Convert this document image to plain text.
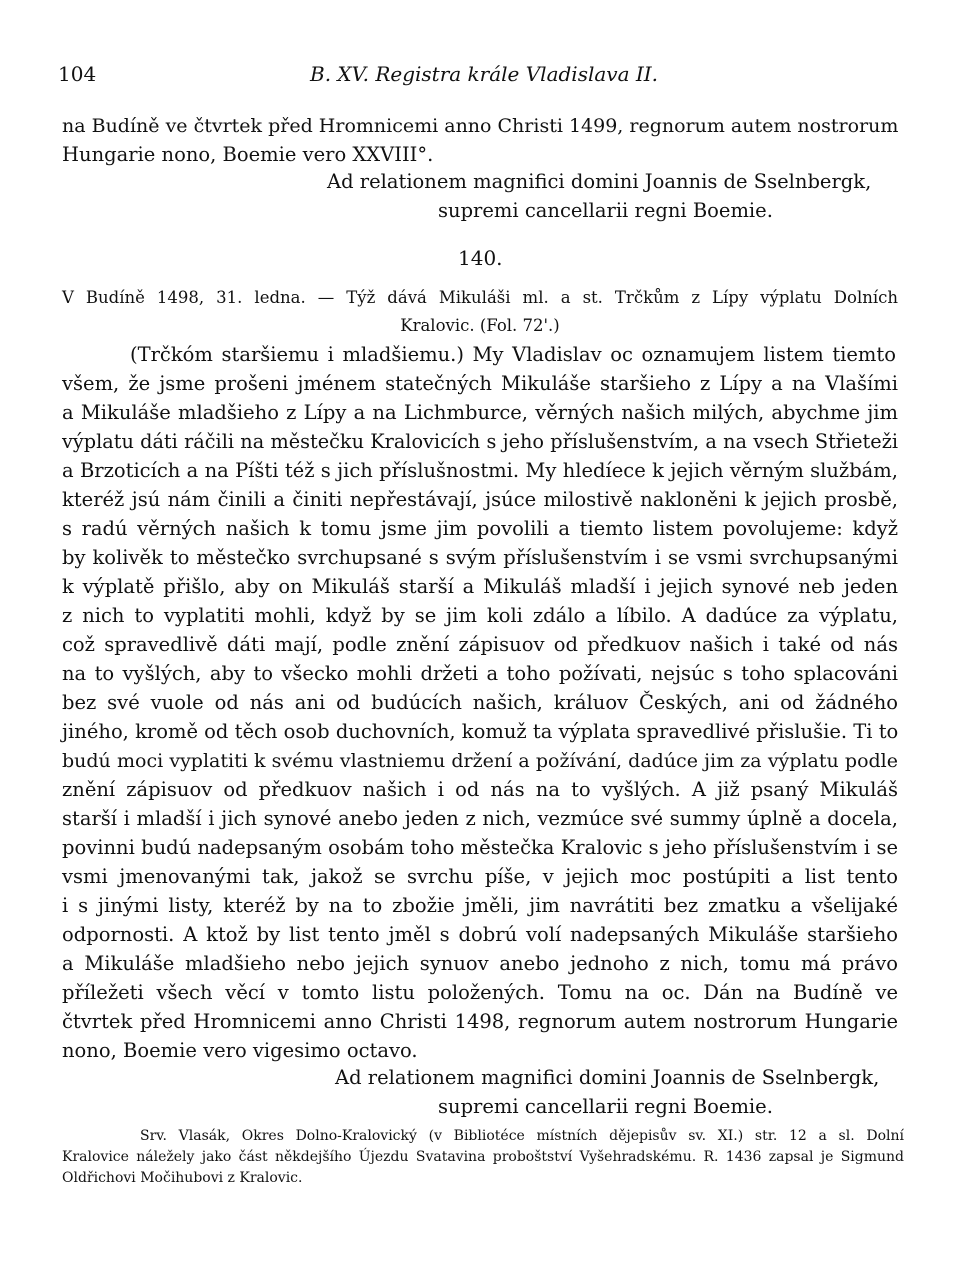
104	B. XV. Registra krále Vladislava II.
na Budíně ve čtvrtek před Hromnicemi anno Christi 1499, regnorum autem nostrorum
Hungarie nono, Boemie vero XXVIII°.
Ad relationem magnifici domini Joannis de Sselnbergk,
supremi cancellarii regni Boemie.
140.
V Budíně 1498, 31. ledna. — Týž dává Mikuláši ml. a st. Trčkům z Lípy výplatu Dolních
Kralovic. (Fol. 72'.)
(Trčkóm staršiemu i mladšiemu.) My Vladislav oc oznamujem listem tiemto
všem, že jsme prošeni jménem statečných Mikuláše staršieho z Lípy a na Vlašími
a Mikuláše mladšieho z Lípy a na Lichmburce, věrných našich milých, abychme jim
výplatu dáti ráčili na městečku Kralovicích s jeho příslušenstvím, a na vsech Střieteži
a Brzoticích a na Píšti též s jich příslušnostmi. My hledíece k jejich věrným službám,
kteréž jsú nám činili a činiti nepřestávají, jsúce milostivě nakloněni k jejich prosbě,
s radú věrných našich k tomu jsme jim povolili a tiemto listem povolujeme: když
by kolivěk to městečko svrchupsané s svým příslušenstvím i se vsmi svrchupsanými
k výplatě přišlo, aby on Mikuláš starší a Mikuláš mladší i jejich synové neb jeden
z nich to vyplatiti mohli, když by se jim koli zdálo a líbilo. A dadúce za výplatu,
což spravedlivě dáti mají, podle znění zápisuov od předkuov našich i také od nás
na to vyšlých, aby to všecko mohli držeti a toho požívati, nejsúc s toho splacováni
bez své vuole od nás ani od budúcích našich, králuov Českých, ani od žádného
jiného, kromě od těch osob duchovních, komuž ta výplata spravedlivé přislušie. Ti to
budú moci vyplatiti k svému vlastniemu držení a požívání, dadúce jim za výplatu podle
znění zápisuov od předkuov našich i od nás na to vyšlých. A již psaný Mikuláš
starší i mladší i jich synové anebo jeden z nich, vezmúce své summy úplně a docela,
povinni budú nadepsaným osobám toho městečka Kralovic s jeho příslušenstvím i se
vsmi jmenovanými tak, jakož se svrchu píše, v jejich moc postúpiti a list tento
i s jinými listy, kteréž by na to zbožie jměli, jim navrátiti bez zmatku a všelijaké
odpornosti. A ktož by list tento jměl s dobrú volí nadepsaných Mikuláše staršieho
a Mikuláše mladšieho nebo jejich synuov anebo jednoho z nich, tomu má právo
příležeti všech věcí v tomto listu položených. Tomu na oc. Dán na Budíně ve
čtvrtek před Hromnicemi anno Christi 1498, regnorum autem nostrorum Hungarie
nono, Boemie vero vigesimo octavo.
Ad relationem magnifici domini Joannis de Sselnbergk,
supremi cancellarii regni Boemie.
Srv. Vlasák, Okres Dolno-Kralovický (v Bibliotéce místních dějepisův sv. XI.) str. 12 a sl. Dolní
Kralovice náležely jako část někdejšího Újezdu Svatavina proboštství Vyšehradskému. R. 1436 zapsal je Sigmund
Oldřichovi Močihubovi z Kralovic.
